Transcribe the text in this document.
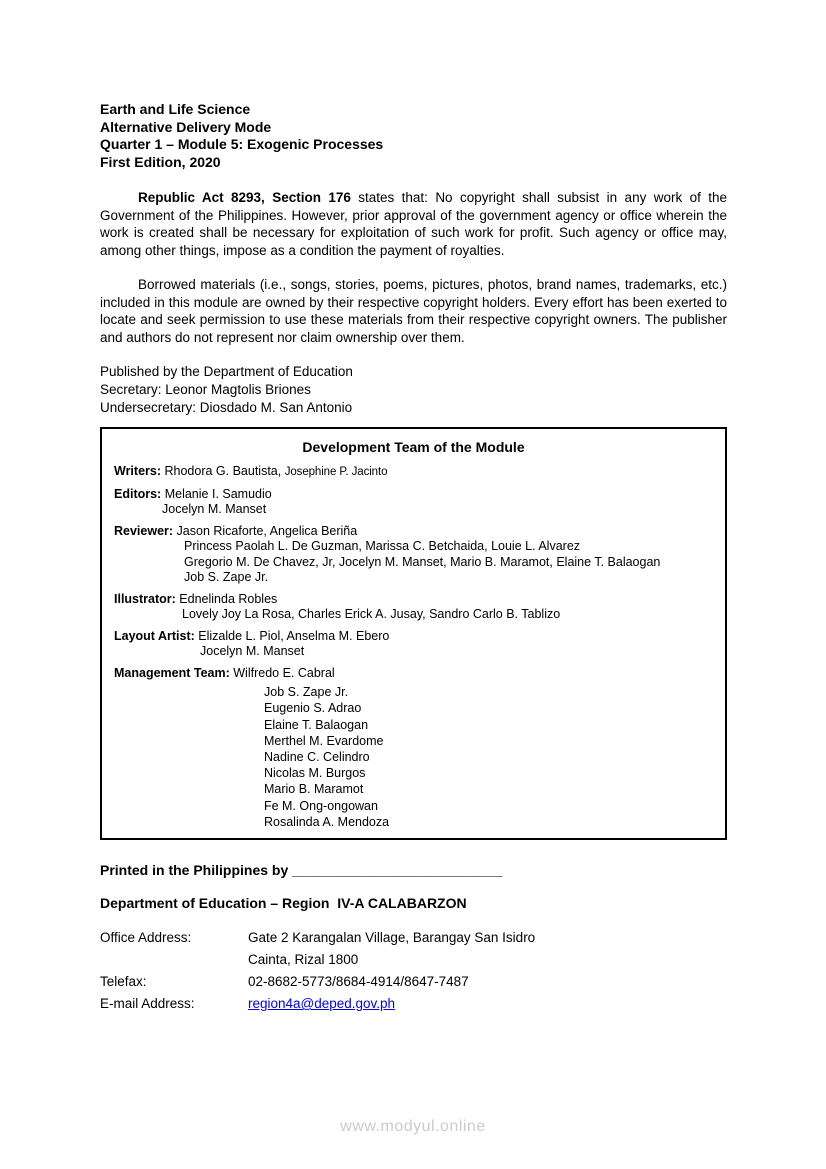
Earth and Life Science
Alternative Delivery Mode
Quarter 1 – Module 5: Exogenic Processes
First Edition, 2020

Republic Act 8293, Section 176 states that: No copyright shall subsist in any work of the Government of the Philippines. However, prior approval of the government agency or office wherein the work is created shall be necessary for exploitation of such work for profit. Such agency or office may, among other things, impose as a condition the payment of royalties.

Borrowed materials (i.e., songs, stories, poems, pictures, photos, brand names, trademarks, etc.) included in this module are owned by their respective copyright holders. Every effort has been exerted to locate and seek permission to use these materials from their respective copyright owners. The publisher and authors do not represent nor claim ownership over them.

Published by the Department of Education
Secretary: Leonor Magtolis Briones
Undersecretary: Diosdado M. San Antonio
Development Team of the Module
Writers: Rhodora G. Bautista, Josephine P. Jacinto
Editors: Melanie I. Samudio
Jocelyn M. Manset
Reviewer: Jason Ricaforte, Angelica Beriña
Princess Paolah L. De Guzman, Marissa C. Betchaida, Louie L. Alvarez
Gregorio M. De Chavez, Jr, Jocelyn M. Manset, Mario B. Maramot, Elaine T. Balaogan
Job S. Zape Jr.
Illustrator: Ednelinda Robles
Lovely Joy La Rosa, Charles Erick A. Jusay, Sandro Carlo B. Tablizo
Layout Artist: Elizalde L. Piol, Anselma M. Ebero
Jocelyn M. Manset
Management Team: Wilfredo E. Cabral
Job S. Zape Jr.
Eugenio S. Adrao
Elaine T. Balaogan
Merthel M. Evardome
Nadine C. Celindro
Nicolas M. Burgos
Mario B. Maramot
Fe M. Ong-ongowan
Rosalinda A. Mendoza
Printed in the Philippines by ___________________________
Department of Education – Region  IV-A CALABARZON
Office Address:	Gate 2 Karangalan Village, Barangay San Isidro
Cainta, Rizal 1800
Telefax:	02-8682-5773/8684-4914/8647-7487
E-mail Address:	region4a@deped.gov.ph
www.modyul.online
